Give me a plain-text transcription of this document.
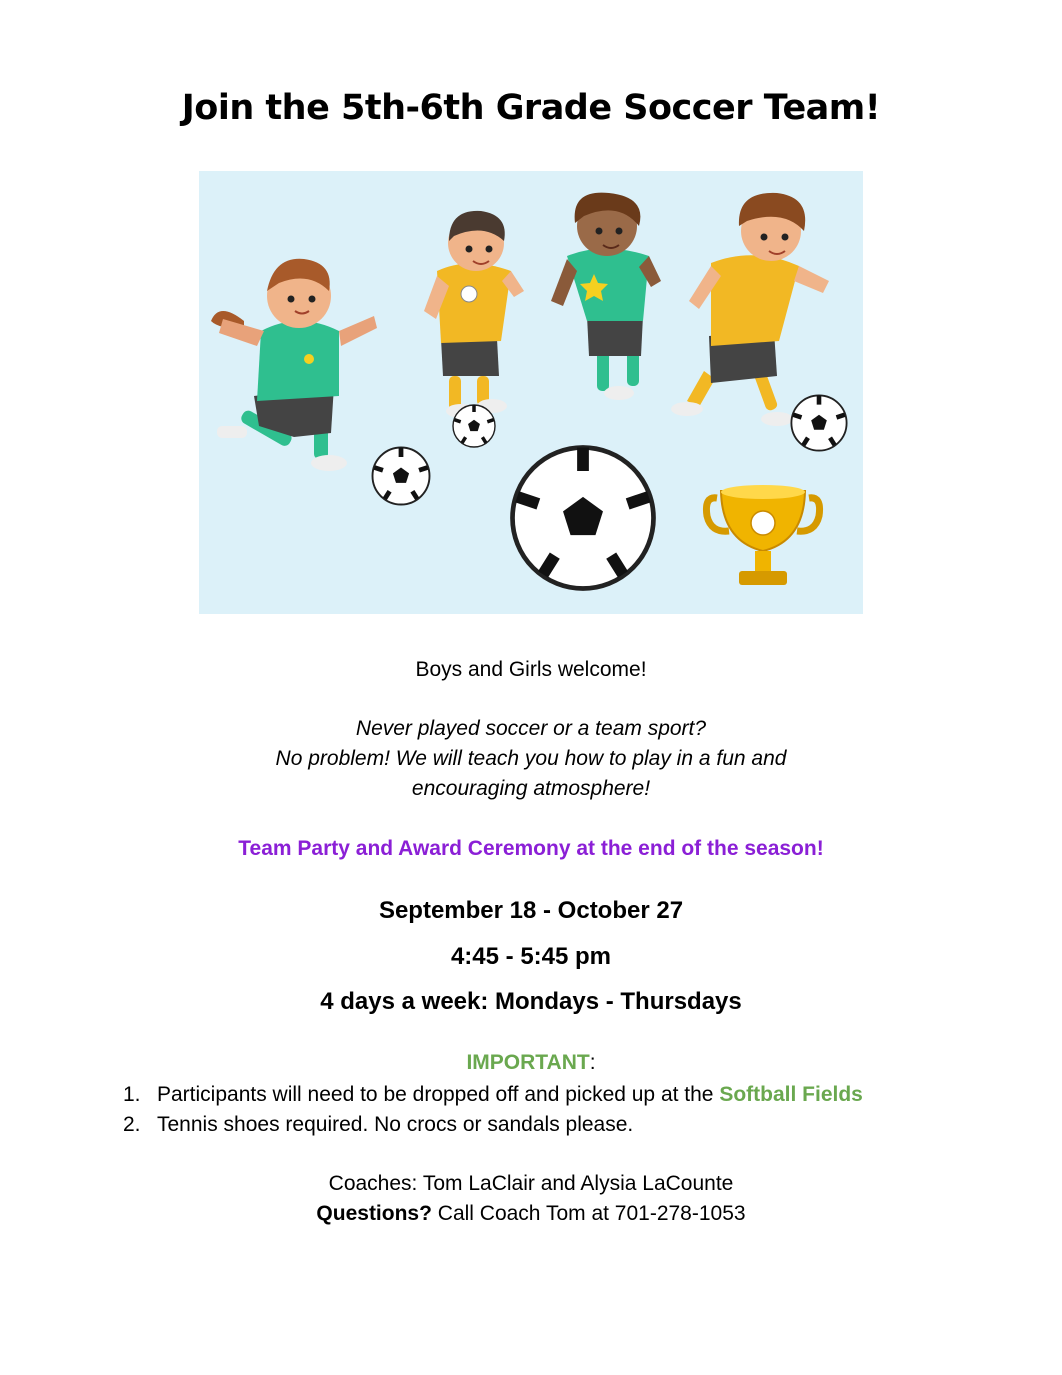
Join the 5th-6th Grade Soccer Team!
Boys and Girls welcome!
Never played soccer or a team sport?
No problem! We will teach you how to play in a fun and
encouraging atmosphere!
Team Party and Award Ceremony at the end of the season!
September 18 - October 27
4:45 - 5:45 pm
4 days a week: Mondays - Thursdays
IMPORTANT:
1. Participants will need to be dropped off and picked up at the Softball Fields
2. Tennis shoes required. No crocs or sandals please.
Coaches: Tom LaClair and Alysia LaCounte
Questions? Call Coach Tom at 701-278-1053
